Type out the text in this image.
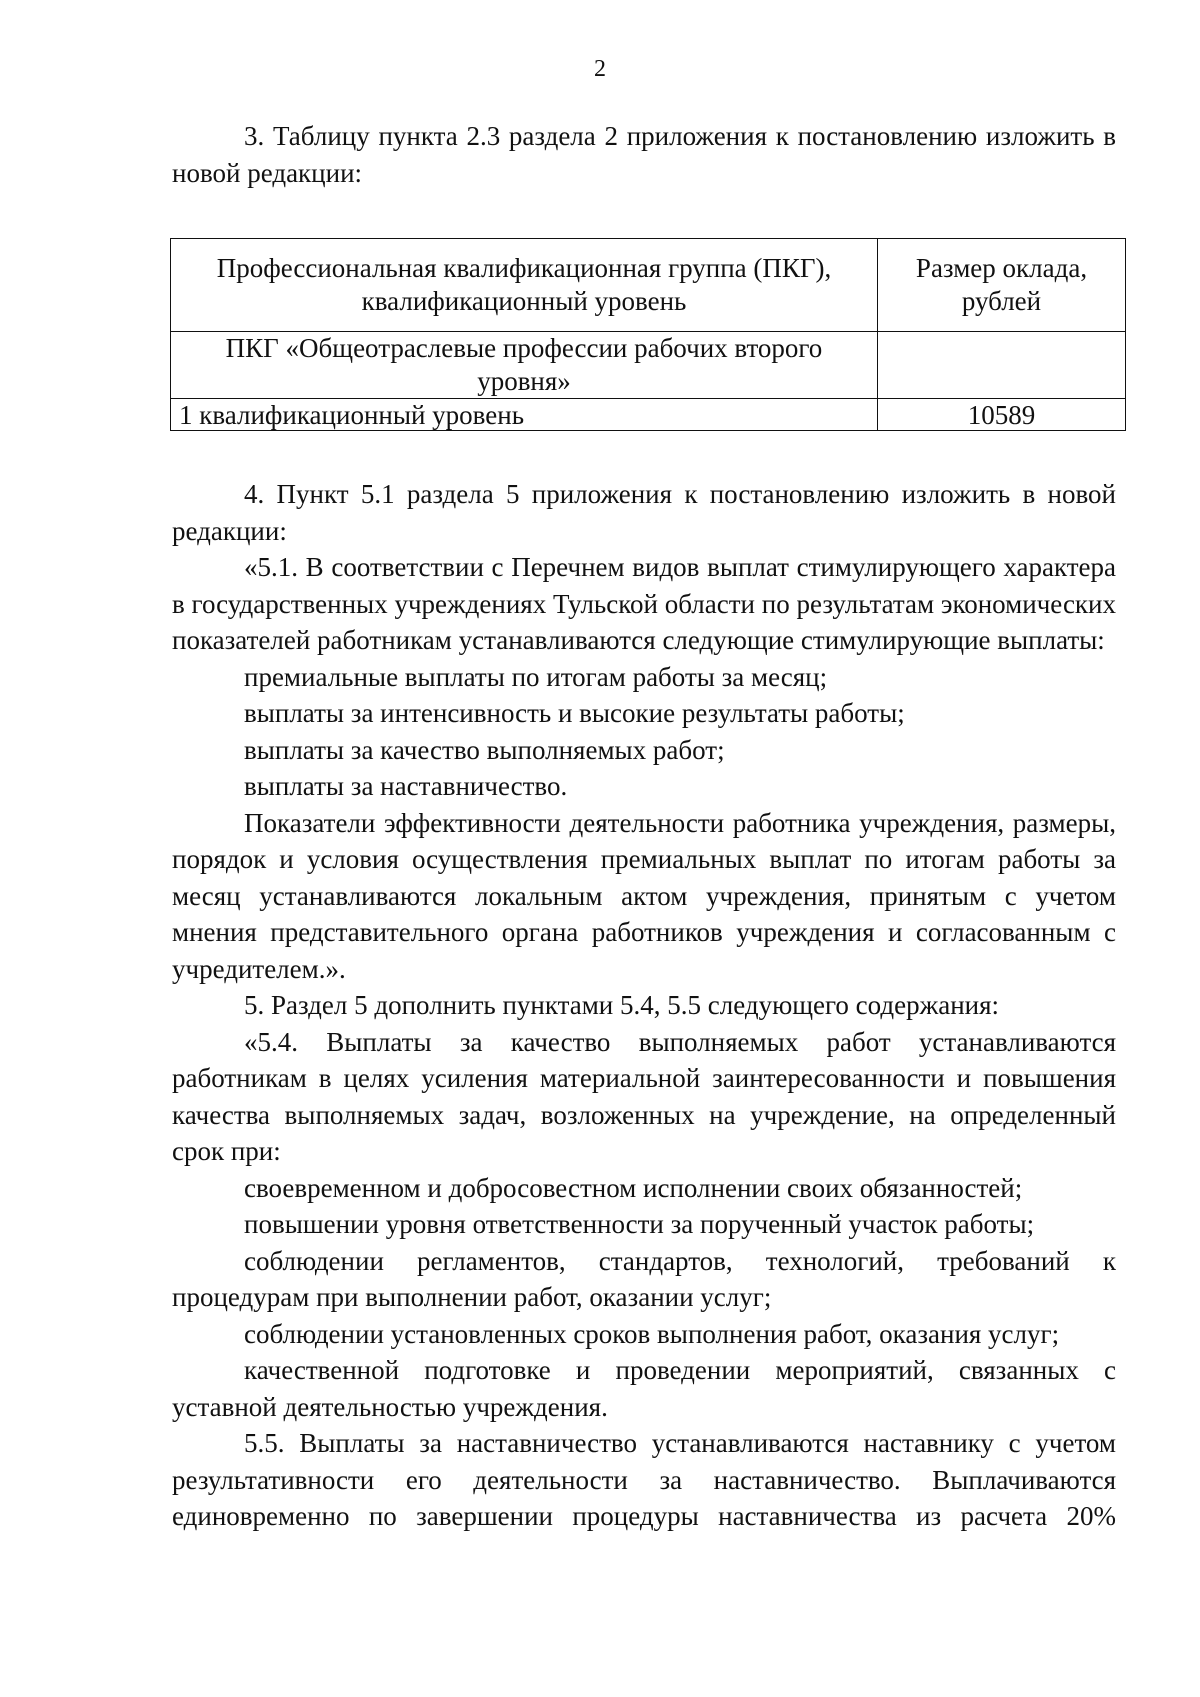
2

3. Таблицу пункта 2.3 раздела 2 приложения к постановлению изложить в новой редакции:

Профессиональная квалификационная группа (ПКГ), квалификационный уровень	Размер оклада, рублей
ПКГ «Общеотраслевые профессии рабочих второго уровня»	
1 квалификационный уровень	10589

4. Пункт 5.1 раздела 5 приложения к постановлению изложить в новой редакции:

«5.1. В соответствии с Перечнем видов выплат стимулирующего характера в государственных учреждениях Тульской области по результатам экономических показателей работникам устанавливаются следующие стимулирующие выплаты:

премиальные выплаты по итогам работы за месяц;

выплаты за интенсивность и высокие результаты работы;

выплаты за качество выполняемых работ;

выплаты за наставничество.

Показатели эффективности деятельности работника учреждения, размеры, порядок и условия осуществления премиальных выплат по итогам работы за месяц устанавливаются локальным актом учреждения, принятым с учетом мнения представительного органа работников учреждения и согласованным с учредителем.».

5. Раздел 5 дополнить пунктами 5.4, 5.5 следующего содержания:

«5.4. Выплаты за качество выполняемых работ устанавливаются работникам в целях усиления материальной заинтересованности и повышения качества выполняемых задач, возложенных на учреждение, на определенный срок при:

своевременном и добросовестном исполнении своих обязанностей;

повышении уровня ответственности за порученный участок работы;

соблюдении регламентов, стандартов, технологий, требований к процедурам при выполнении работ, оказании услуг;

соблюдении установленных сроков выполнения работ, оказания услуг;

качественной подготовке и проведении мероприятий, связанных с уставной деятельностью учреждения.

5.5. Выплаты за наставничество устанавливаются наставнику с учетом результативности его деятельности за наставничество. Выплачиваются единовременно по завершении процедуры наставничества из расчета 20%
